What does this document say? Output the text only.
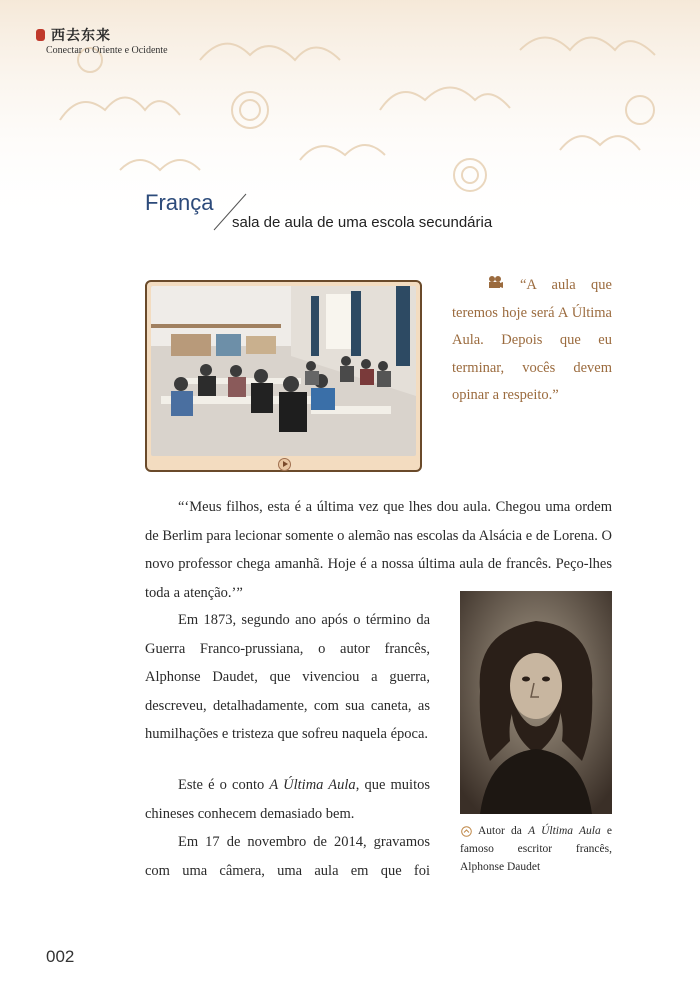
西去东来
Conectar o Oriente e Ocidente
França
sala de aula de uma escola secundária
“A aula que teremos hoje será A Última Aula. Depois que eu terminar, vocês devem opinar a respeito.”
“‘Meus filhos, esta é a última vez que lhes dou aula. Chegou uma ordem de Berlim para lecionar somente o alemão nas escolas da Alsácia e de Lorena. O novo professor chega amanhã. Hoje é a nossa última aula de francês. Peço-lhes toda a atenção.’”
Em 1873, segundo ano após o término da Guerra Franco-prussiana, o autor francês, Alphonse Daudet, que vivenciou a guerra, descreveu, detalhadamente, com sua caneta, as humilhações e tristeza que sofreu naquela época.
Este é o conto A Última Aula, que muitos chineses conhecem demasiado bem.
Em 17 de novembro de 2014, gravamos com uma câmera, uma aula em que foi
Autor da A Última Aula e famoso escritor francês, Alphonse Daudet
002
